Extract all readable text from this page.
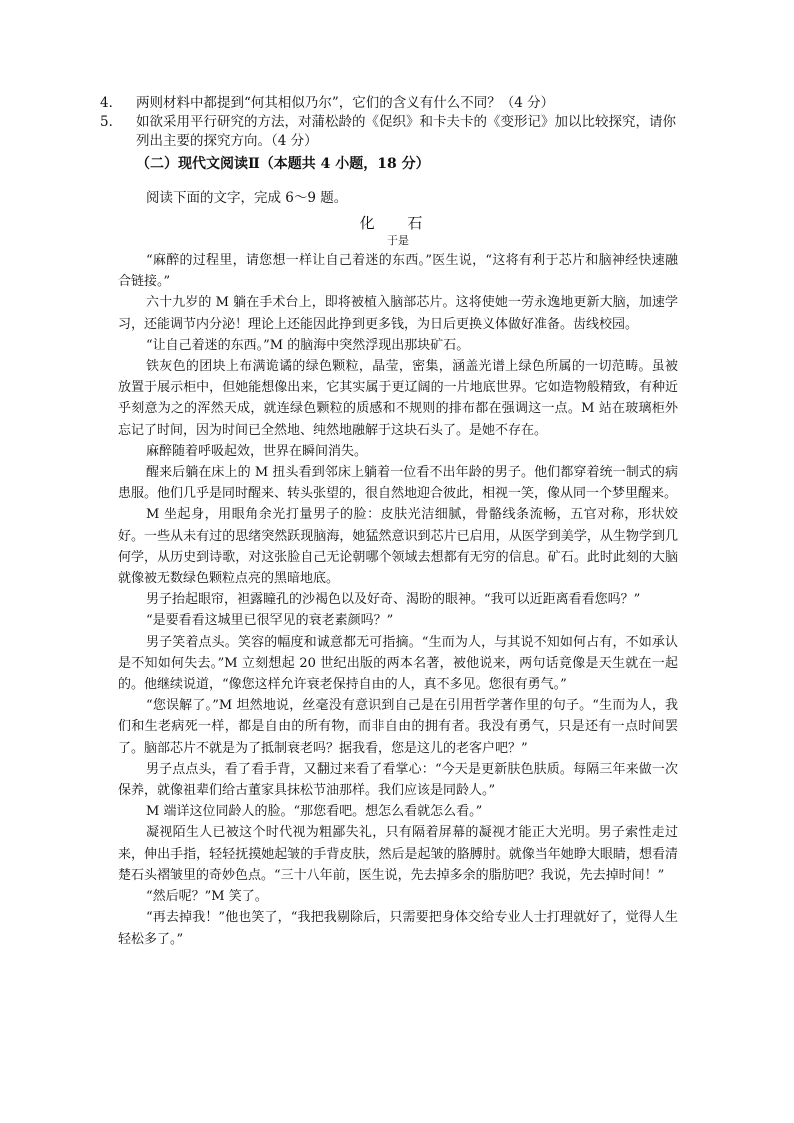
4． 两则材料中都提到“何其相似乃尔”，它们的含义有什么不同？（4 分）

5． 如欲采用平行研究的方法，对蒲松龄的《促织》和卡夫卡的《变形记》加以比较探究，请你列出主要的探究方向。（4 分）

（二）现代文阅读Ⅱ（本题共 4 小题，18 分）
阅读下面的文字，完成 6～9 题。
化 石
于是

“麻醉的过程里，请您想一样让自己着迷的东西。”医生说，“这将有利于芯片和脑神经快速融合链接。”

六十九岁的 M 躺在手术台上，即将被植入脑部芯片。这将使她一劳永逸地更新大脑，加速学习，还能调节内分泌！理论上还能因此挣到更多钱，为日后更换义体做好准备。齿线校园。

“让自己着迷的东西。”M 的脑海中突然浮现出那块矿石。

铁灰色的团块上布满诡谲的绿色颗粒，晶莹，密集，涵盖光谱上绿色所属的一切范畴。虽被放置于展示柜中，但她能想像出来，它其实属于更辽阔的一片地底世界。它如造物般精致，有种近乎刻意为之的浑然天成，就连绿色颗粒的质感和不规则的排布都在强调这一点。M 站在玻璃柜外忘记了时间，因为时间已全然地、纯然地融解于这块石头了。是她不存在。

麻醉随着呼吸起效，世界在瞬间消失。

醒来后躺在床上的 M 扭头看到邻床上躺着一位看不出年龄的男子。他们都穿着统一制式的病患服。他们几乎是同时醒来、转头张望的，很自然地迎合彼此，相视一笑，像从同一个梦里醒来。

M 坐起身，用眼角余光打量男子的脸：皮肤光洁细腻，骨骼线条流畅，五官对称，形状姣好。一些从未有过的思绪突然跃现脑海，她猛然意识到芯片已启用，从医学到美学，从生物学到几何学，从历史到诗歌，对这张脸自己无论朝哪个领域去想都有无穷的信息。矿石。此时此刻的大脑就像被无数绿色颗粒点亮的黑暗地底。

男子抬起眼帘，袒露瞳孔的沙褐色以及好奇、渴盼的眼神。“我可以近距离看看您吗？”

“是要看看这城里已很罕见的衰老素颜吗？”

男子笑着点头。笑容的幅度和诚意都无可指摘。“生而为人，与其说不知如何占有，不如承认是不知如何失去。”M 立刻想起 20 世纪出版的两本名著，被他说来，两句话竟像是天生就在一起的。他继续说道，“像您这样允许衰老保持自由的人，真不多见。您很有勇气。”

“您误解了。”M 坦然地说，丝毫没有意识到自己是在引用哲学著作里的句子。“生而为人，我们和生老病死一样，都是自由的所有物，而非自由的拥有者。我没有勇气，只是还有一点时间罢了。脑部芯片不就是为了抵制衰老吗？据我看，您是这儿的老客户吧？”

男子点点头，看了看手背，又翻过来看了看掌心：“今天是更新肤色肤质。每隔三年来做一次保养，就像祖辈们给古董家具抹松节油那样。我们应该是同龄人。”

M 端详这位同龄人的脸。“那您看吧。想怎么看就怎么看。”

凝视陌生人已被这个时代视为粗鄙失礼，只有隔着屏幕的凝视才能正大光明。男子索性走过来，伸出手指，轻轻抚摸她起皱的手背皮肤，然后是起皱的胳膊肘。就像当年她睁大眼睛，想看清楚石头褶皱里的奇妙色点。“三十八年前，医生说，先去掉多余的脂肪吧？我说，先去掉时间！”

“然后呢？”M 笑了。

“再去掉我！”他也笑了，“我把我剔除后，只需要把身体交给专业人士打理就好了，觉得人生轻松多了。”
